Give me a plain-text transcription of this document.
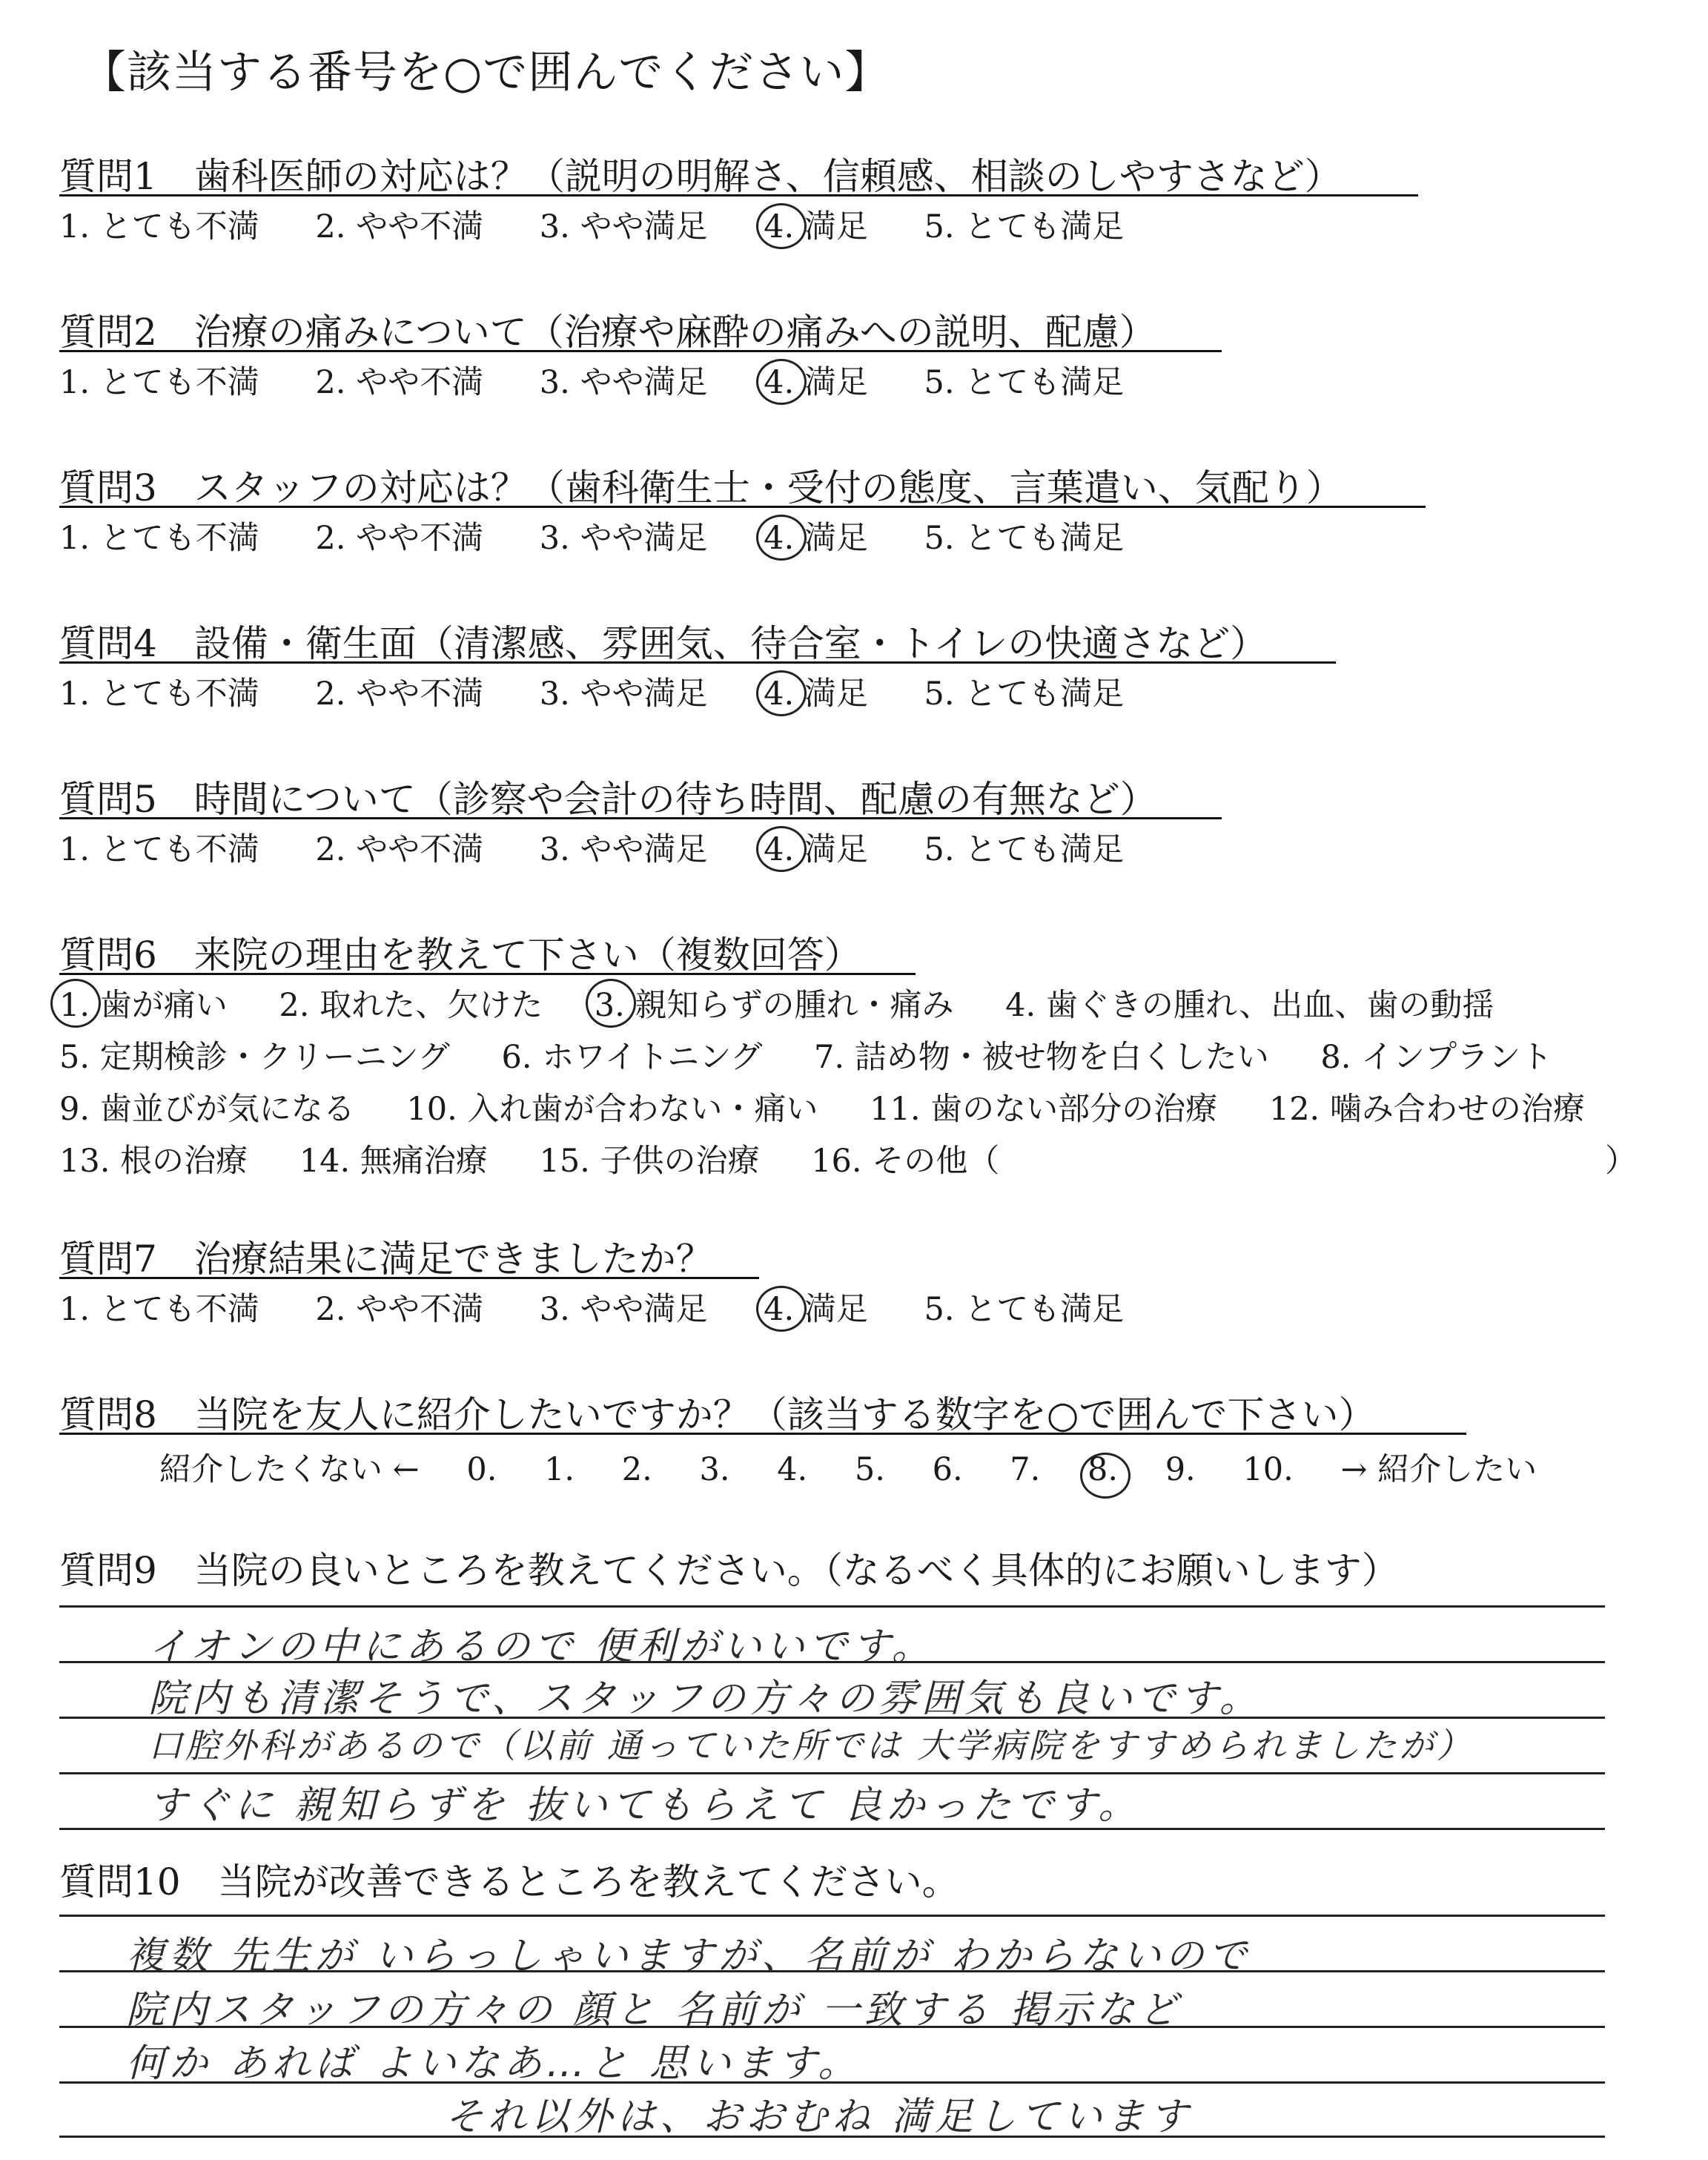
【該当する番号を○で囲んでください】
質問1　歯科医師の対応は？（説明の明解さ、信頼感、相談のしやすさなど）
1. とても不満 2. やや不満 3. やや満足 4. 満足 5. とても満足
質問2　治療の痛みについて（治療や麻酔の痛みへの説明、配慮）
1. とても不満 2. やや不満 3. やや満足 4. 満足 5. とても満足
質問3　スタッフの対応は？（歯科衛生士・受付の態度、言葉遣い、気配り）
1. とても不満 2. やや不満 3. やや満足 4. 満足 5. とても満足
質問4　設備・衛生面（清潔感、雰囲気、待合室・トイレの快適さなど）
1. とても不満 2. やや不満 3. やや満足 4. 満足 5. とても満足
質問5　時間について（診察や会計の待ち時間、配慮の有無など）
1. とても不満 2. やや不満 3. やや満足 4. 満足 5. とても満足
質問6　来院の理由を教えて下さい（複数回答）
1. 歯が痛い 2. 取れた、欠けた 3. 親知らずの腫れ・痛み 4. 歯ぐきの腫れ、出血、歯の動揺
5. 定期検診・クリーニング 6. ホワイトニング 7. 詰め物・被せ物を白くしたい 8. インプラント
9. 歯並びが気になる 10. 入れ歯が合わない・痛い 11. 歯のない部分の治療 12. 噛み合わせの治療
13. 根の治療 14. 無痛治療 15. 子供の治療 16. その他（	）
質問7　治療結果に満足できましたか？
1. とても不満 2. やや不満 3. やや満足 4. 満足 5. とても満足
質問8　当院を友人に紹介したいですか？（該当する数字を○で囲んで下さい）
紹介したくない ← 0. 1. 2. 3. 4. 5. 6. 7. 8. 9. 10. → 紹介したい
質問9　当院の良いところを教えてください。（なるべく具体的にお願いします）
イオンの中にあるので 便利がいいです。
院内も清潔そうで、スタッフの方々の雰囲気も良いです。
口腔外科があるので（以前 通っていた所では 大学病院をすすめられましたが）
すぐに 親知らずを 抜いてもらえて 良かったです。
質問10　当院が改善できるところを教えてください。
複数 先生が いらっしゃいますが、名前が わからないので
院内スタッフの方々の 顔と 名前が 一致する 掲示など
何か あれば よいなあ…と 思います。
それ以外は、おおむね 満足しています
